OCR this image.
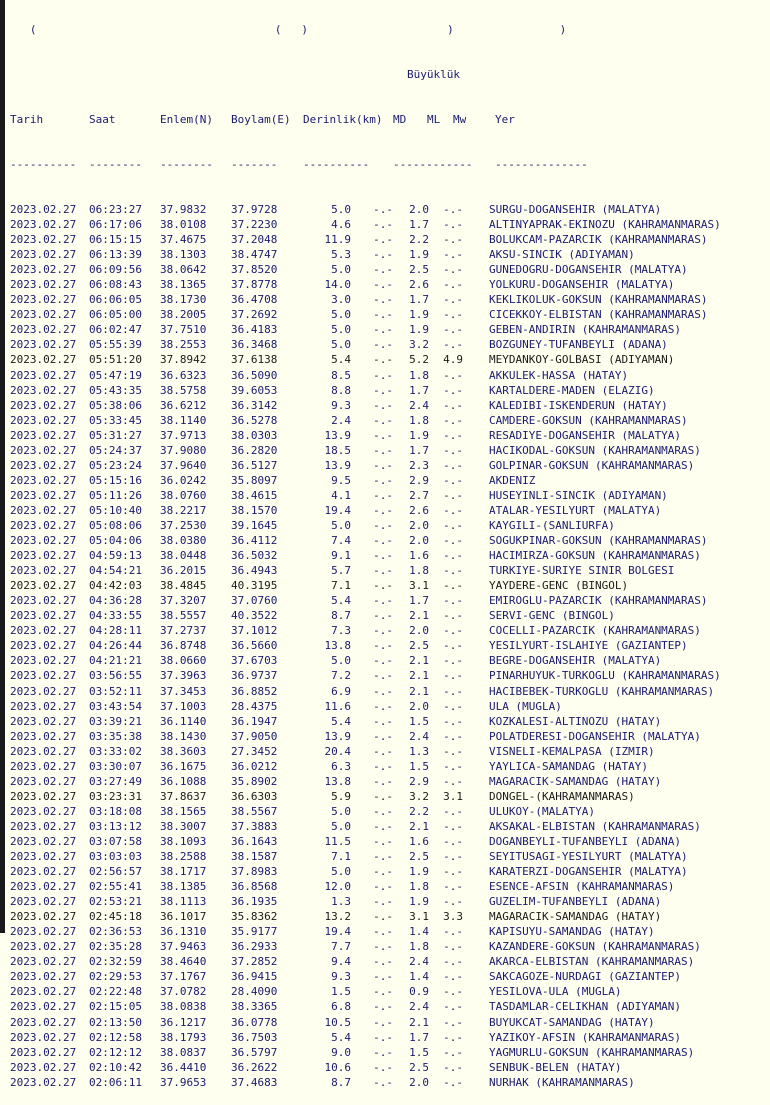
(                                    (   )                     )                )

Büyüklük

Tarih	Saat	Enlem(N) Boylam(E) Derinlik(km) MD ML Mw	Yer

---------- -------- -------- ------- ---------- ------------ --------------

2023.02.27 06:23:27 37.9832 37.9728	5.0 -.- 2.0 -.- SURGU-DOGANSEHIR (MALATYA)
2023.02.27 06:17:06 38.0108 37.2230	4.6 -.- 1.7 -.- ALTINYAPRAK-EKINOZU (KAHRAMANMARAS)
2023.02.27 06:15:15 37.4675 37.2048	11.9 -.- 2.2 -.- BOLUKCAM-PAZARCIK (KAHRAMANMARAS)
2023.02.27 06:13:39 38.1303 38.4747	5.3 -.- 1.9 -.- AKSU-SINCIK (ADIYAMAN)
2023.02.27 06:09:56 38.0642 37.8520	5.0 -.- 2.5 -.- GUNEDOGRU-DOGANSEHIR (MALATYA)
2023.02.27 06:08:43 38.1365 37.8778	14.0 -.- 2.6 -.- YOLKURU-DOGANSEHIR (MALATYA)
2023.02.27 06:06:05 38.1730 36.4708	3.0 -.- 1.7 -.- KEKLIKOLUK-GOKSUN (KAHRAMANMARAS)
2023.02.27 06:05:00 38.2005 37.2692	5.0 -.- 1.9 -.- CICEKKOY-ELBISTAN (KAHRAMANMARAS)
2023.02.27 06:02:47 37.7510 36.4183	5.0 -.- 1.9 -.- GEBEN-ANDIRIN (KAHRAMANMARAS)
2023.02.27 05:55:39 38.2553 36.3468	5.0 -.- 3.2 -.- BOZGUNEY-TUFANBEYLI (ADANA)
2023.02.27 05:51:20 37.8942 37.6138	5.4 -.- 5.2 4.9 MEYDANKOY-GOLBASI (ADIYAMAN)
2023.02.27 05:47:19 36.6323 36.5090	8.5 -.- 1.8 -.- AKKULEK-HASSA (HATAY)
2023.02.27 05:43:35 38.5758 39.6053	8.8 -.- 1.7 -.- KARTALDERE-MADEN (ELAZIG)
2023.02.27 05:38:06 36.6212 36.3142	9.3 -.- 2.4 -.- KALEDIBI-ISKENDERUN (HATAY)
2023.02.27 05:33:45 38.1140 36.5278	2.4 -.- 1.8 -.- CAMDERE-GOKSUN (KAHRAMANMARAS)
2023.02.27 05:31:27 37.9713 38.0303	13.9 -.- 1.9 -.- RESADIYE-DOGANSEHIR (MALATYA)
2023.02.27 05:24:37 37.9080 36.2820	18.5 -.- 1.7 -.- HACIKODAL-GOKSUN (KAHRAMANMARAS)
2023.02.27 05:23:24 37.9640 36.5127	13.9 -.- 2.3 -.- GOLPINAR-GOKSUN (KAHRAMANMARAS)
2023.02.27 05:15:16 36.0242 35.8097	9.5 -.- 2.9 -.- AKDENIZ
2023.02.27 05:11:26 38.0760 38.4615	4.1 -.- 2.7 -.- HUSEYINLI-SINCIK (ADIYAMAN)
2023.02.27 05:10:40 38.2217 38.1570	19.4 -.- 2.6 -.- ATALAR-YESILYURT (MALATYA)
2023.02.27 05:08:06 37.2530 39.1645	5.0 -.- 2.0 -.- KAYGILI-(SANLIURFA)
2023.02.27 05:04:06 38.0380 36.4112	7.4 -.- 2.0 -.- SOGUKPINAR-GOKSUN (KAHRAMANMARAS)
2023.02.27 04:59:13 38.0448 36.5032	9.1 -.- 1.6 -.- HACIMIRZA-GOKSUN (KAHRAMANMARAS)
2023.02.27 04:54:21 36.2015 36.4943	5.7 -.- 1.8 -.- TURKIYE-SURIYE SINIR BOLGESI
2023.02.27 04:42:03 38.4845 40.3195	7.1 -.- 3.1 -.- YAYDERE-GENC (BINGOL)
2023.02.27 04:36:28 37.3207 37.0760	5.4 -.- 1.7 -.- EMIROGLU-PAZARCIK (KAHRAMANMARAS)
2023.02.27 04:33:55 38.5557 40.3522	8.7 -.- 2.1 -.- SERVI-GENC (BINGOL)
2023.02.27 04:28:11 37.2737 37.1012	7.3 -.- 2.0 -.- COCELLI-PAZARCIK (KAHRAMANMARAS)
2023.02.27 04:26:44 36.8748 36.5660	13.8 -.- 2.5 -.- YESILYURT-ISLAHIYE (GAZIANTEP)
2023.02.27 04:21:21 38.0660 37.6703	5.0 -.- 2.1 -.- BEGRE-DOGANSEHIR (MALATYA)
2023.02.27 03:56:55 37.3963 36.9737	7.2 -.- 2.1 -.- PINARHUYUK-TURKOGLU (KAHRAMANMARAS)
2023.02.27 03:52:11 37.3453 36.8852	6.9 -.- 2.1 -.- HACIBEBEK-TURKOGLU (KAHRAMANMARAS)
2023.02.27 03:43:54 37.1003 28.4375	11.6 -.- 2.0 -.- ULA (MUGLA)
2023.02.27 03:39:21 36.1140 36.1947	5.4 -.- 1.5 -.- KOZKALESI-ALTINOZU (HATAY)
2023.02.27 03:35:38 38.1430 37.9050	13.9 -.- 2.4 -.- POLATDERESI-DOGANSEHIR (MALATYA)
2023.02.27 03:33:02 38.3603 27.3452	20.4 -.- 1.3 -.- VISNELI-KEMALPASA (IZMIR)
2023.02.27 03:30:07 36.1675 36.0212	6.3 -.- 1.5 -.- YAYLICA-SAMANDAG (HATAY)
2023.02.27 03:27:49 36.1088 35.8902	13.8 -.- 2.9 -.- MAGARACIK-SAMANDAG (HATAY)
2023.02.27 03:23:31 37.8637 36.6303	5.9 -.- 3.2 3.1 DONGEL-(KAHRAMANMARAS)
2023.02.27 03:18:08 38.1565 38.5567	5.0 -.- 2.2 -.- ULUKOY-(MALATYA)
2023.02.27 03:13:12 38.3007 37.3883	5.0 -.- 2.1 -.- AKSAKAL-ELBISTAN (KAHRAMANMARAS)
2023.02.27 03:07:58 38.1093 36.1643	11.5 -.- 1.6 -.- DOGANBEYLI-TUFANBEYLI (ADANA)
2023.02.27 03:03:03 38.2588 38.1587	7.1 -.- 2.5 -.- SEYITUSAGI-YESILYURT (MALATYA)
2023.02.27 02:56:57 38.1717 37.8983	5.0 -.- 1.9 -.- KARATERZI-DOGANSEHIR (MALATYA)
2023.02.27 02:55:41 38.1385 36.8568	12.0 -.- 1.8 -.- ESENCE-AFSIN (KAHRAMANMARAS)
2023.02.27 02:53:21 38.1113 36.1935	1.3 -.- 1.9 -.- GUZELIM-TUFANBEYLI (ADANA)
2023.02.27 02:45:18 36.1017 35.8362	13.2 -.- 3.1 3.3 MAGARACIK-SAMANDAG (HATAY)
2023.02.27 02:36:53 36.1310 35.9177	19.4 -.- 1.4 -.- KAPISUYU-SAMANDAG (HATAY)
2023.02.27 02:35:28 37.9463 36.2933	7.7 -.- 1.8 -.- KAZANDERE-GOKSUN (KAHRAMANMARAS)
2023.02.27 02:32:59 38.4640 37.2852	9.4 -.- 2.4 -.- AKARCA-ELBISTAN (KAHRAMANMARAS)
2023.02.27 02:29:53 37.1767 36.9415	9.3 -.- 1.4 -.- SAKCAGOZE-NURDAGI (GAZIANTEP)
2023.02.27 02:22:48 37.0782 28.4090	1.5 -.- 0.9 -.- YESILOVA-ULA (MUGLA)
2023.02.27 02:15:05 38.0838 38.3365	6.8 -.- 2.4 -.- TASDAMLAR-CELIKHAN (ADIYAMAN)
2023.02.27 02:13:50 36.1217 36.0778	10.5 -.- 2.1 -.- BUYUKCAT-SAMANDAG (HATAY)
2023.02.27 02:12:58 38.1793 36.7503	5.4 -.- 1.7 -.- YAZIKOY-AFSIN (KAHRAMANMARAS)
2023.02.27 02:12:12 38.0837 36.5797	9.0 -.- 1.5 -.- YAGMURLU-GOKSUN (KAHRAMANMARAS)
2023.02.27 02:10:42 36.4410 36.2622	10.6 -.- 2.5 -.- SENBUK-BELEN (HATAY)
2023.02.27 02:06:11 37.9653 37.4683	8.7 -.- 2.0 -.- NURHAK (KAHRAMANMARAS)
